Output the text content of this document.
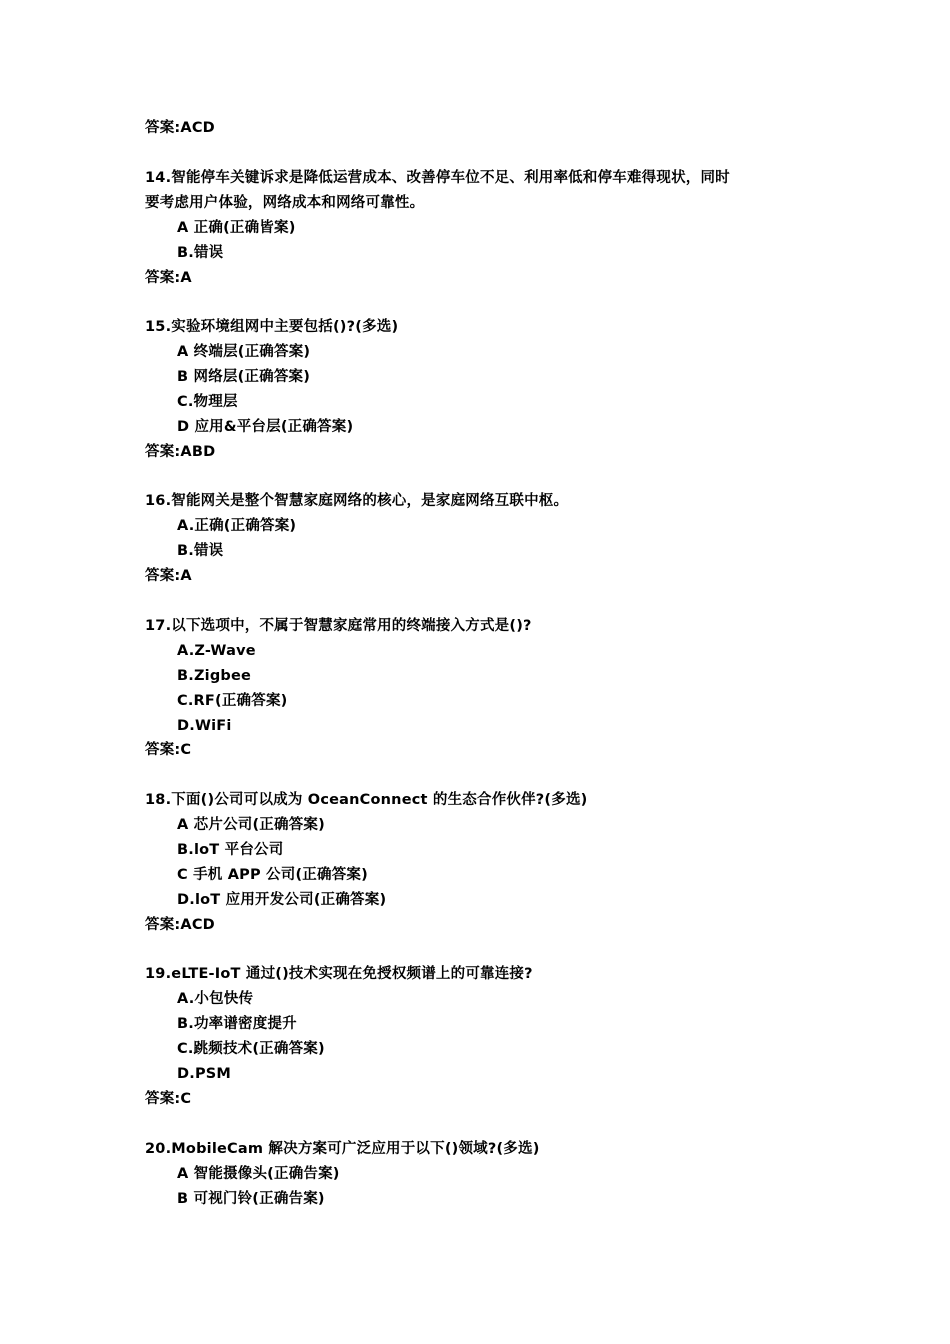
答案:ACD
14.智能停车关键诉求是降低运营成本、改善停车位不足、利用率低和停车难得现状，同时
要考虑用户体验，网络成本和网络可靠性。
A 正确(正确皆案)
B.错误
答案:A
15.实验环境组网中主要包括()?(多选)
A 终端层(正确答案)
B 网络层(正确答案)
C.物理层
D 应用&平台层(正确答案)
答案:ABD
16.智能网关是整个智慧家庭网络的核心，是家庭网络互联中枢。
A.正确(正确答案)
B.错误
答案:A
17.以下选项中，不属于智慧家庭常用的终端接入方式是()?
A.Z-Wave
B.Zigbee
C.RF(正确答案)
D.WiFi
答案:C
18.下面()公司可以成为 OceanConnect 的生态合作伙伴?(多选)
A 芯片公司(正确答案)
B.loT 平台公司
C 手机 APP 公司(正确答案)
D.loT 应用开发公司(正确答案)
答案:ACD
19.eLTE-IoT 通过()技术实现在免授权频谱上的可靠连接?
A.小包快传
B.功率谱密度提升
C.跳频技术(正确答案)
D.PSM
答案:C
20.MobileCam 解决方案可广泛应用于以下()领域?(多选)
A 智能摄像头(正确告案)
B 可视门铃(正确告案)
